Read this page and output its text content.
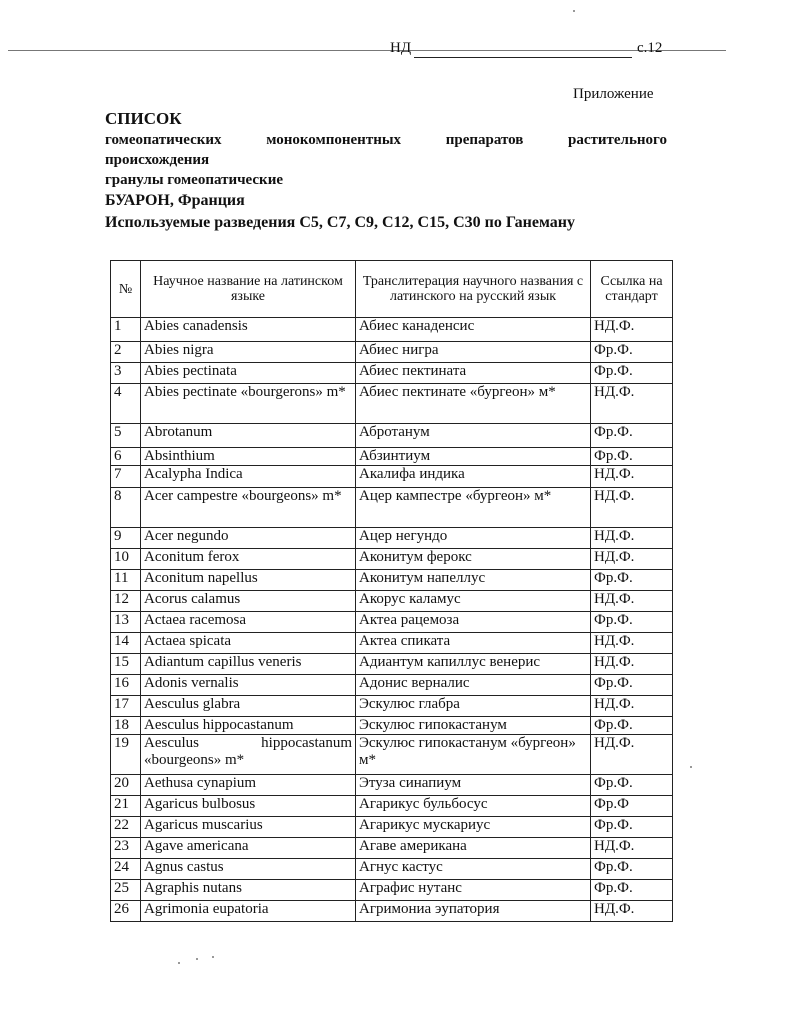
НД	с.12
Приложение
СПИСОК
гомеопатических	монокомпонентных	препаратов	растительного
происхождения
гранулы гомеопатические
БУАРОН, Франция
Используемые разведения С5, С7, С9, С12, С15, С30 по Ганеману
№	Научное название на латинском языке	Транслитерация научного названия с латинского на русский язык	Ссылка на стандарт
1	Abies canadensis	Абиес канаденсис	НД.Ф.
2	Abies nigra	Абиес нигра	Фр.Ф.
3	Abies pectinata	Абиес пектината	Фр.Ф.
4	Abies pectinate «bourgerons» m*	Абиес пектинате «бургеон» м*	НД.Ф.
5	Abrotanum	Абротанум	Фр.Ф.
6	Absinthium	Абзинтиум	Фр.Ф.
7	Acalypha Indica	Акалифа индика	НД.Ф.
8	Acer campestre «bourgeons» m*	Ацер кампестре «бургеон» м*	НД.Ф.
9	Acer negundo	Ацер негундо	НД.Ф.
10	Aconitum ferox	Аконитум ферокс	НД.Ф.
11	Aconitum napellus	Аконитум напеллус	Фр.Ф.
12	Acorus calamus	Акорус каламус	НД.Ф.
13	Actaea racemosa	Актеа рацемоза	Фр.Ф.
14	Actaea spicata	Актеа спиката	НД.Ф.
15	Adiantum capillus veneris	Адиантум капиллус венерис	НД.Ф.
16	Adonis vernalis	Адонис верналис	Фр.Ф.
17	Aesculus glabra	Эскулюс глабра	НД.Ф.
18	Aesculus hippocastanum	Эскулюс гипокастанум	Фр.Ф.
19	Aesculus hippocastanum «bourgeons» m*	Эскулюс гипокастанум «бургеон» м*	НД.Ф.
20	Aethusa cynapium	Этуза синапиум	Фр.Ф.
21	Agaricus bulbosus	Агарикус бульбосус	Фр.Ф
22	Agaricus muscarius	Агарикус мускариус	Фр.Ф.
23	Agave americana	Агаве американа	НД.Ф.
24	Agnus castus	Агнус кастус	Фр.Ф.
25	Agraphis nutans	Аграфис нутанс	Фр.Ф.
26	Agrimonia eupatoria	Агримониа эупатория	НД.Ф.
